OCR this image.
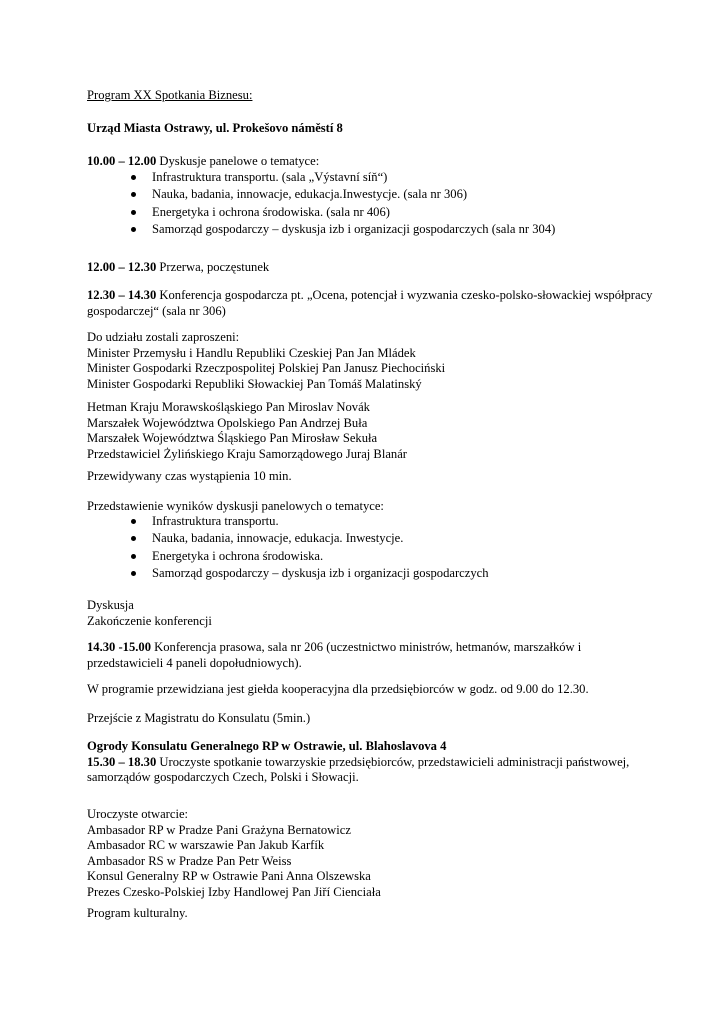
Program XX Spotkania Biznesu:

Urząd Miasta Ostrawy, ul. Prokešovo náměstí 8

10.00 – 12.00 Dyskusje panelowe o tematyce:

Infrastruktura transportu. (sala „Výstavní síň“)
Nauka, badania, innowacje, edukacja.Inwestycje. (sala nr 306)
Energetyka i ochrona środowiska. (sala nr 406)
Samorząd gospodarczy – dyskusja izb i organizacji gospodarczych (sala nr 304)

12.00 – 12.30 Przerwa, poczęstunek

12.30 – 14.30 Konferencja gospodarcza pt. „Ocena, potencjał i wyzwania czesko-polsko-słowackiej współpracy
gospodarczej“ (sala nr 306)

Do udziału zostali zaproszeni:
Minister Przemysłu i Handlu Republiki Czeskiej Pan Jan Mládek
Minister Gospodarki Rzeczpospolitej Polskiej Pan Janusz Piechociński
Minister Gospodarki Republiki Słowackiej Pan Tomáš Malatinský

Hetman Kraju Morawskośląskiego Pan Miroslav Novák
Marszałek Województwa Opolskiego Pan Andrzej Buła
Marszałek Województwa Śląskiego Pan Mirosław Sekuła
Przedstawiciel Żylińskiego Kraju Samorządowego Juraj Blanár

Przewidywany czas wystąpienia 10 min.

Przedstawienie wyników dyskusji panelowych o tematyce:

Infrastruktura transportu.
Nauka, badania, innowacje, edukacja. Inwestycje.
Energetyka i ochrona środowiska.
Samorząd gospodarczy – dyskusja izb i organizacji gospodarczych

Dyskusja
Zakończenie konferencji

14.30 -15.00 Konferencja prasowa, sala nr 206 (uczestnictwo ministrów, hetmanów, marszałków i
przedstawicieli 4 paneli dopołudniowych).

W programie przewidziana jest giełda kooperacyjna dla przedsiębiorców w godz. od 9.00 do 12.30.

Przejście z Magistratu do Konsulatu (5min.)

Ogrody Konsulatu Generalnego RP w Ostrawie, ul. Blahoslavova 4
15.30 – 18.30 Uroczyste spotkanie towarzyskie przedsiębiorców, przedstawicieli administracji państwowej,
samorządów gospodarczych Czech, Polski i Słowacji.

Uroczyste otwarcie:
Ambasador RP w Pradze Pani Grażyna Bernatowicz
Ambasador RC w warszawie Pan Jakub Karfík
Ambasador RS w Pradze Pan Petr Weiss
Konsul Generalny RP w Ostrawie Pani Anna Olszewska
Prezes Czesko-Polskiej Izby Handlowej Pan Jiří Cienciała

Program kulturalny.
